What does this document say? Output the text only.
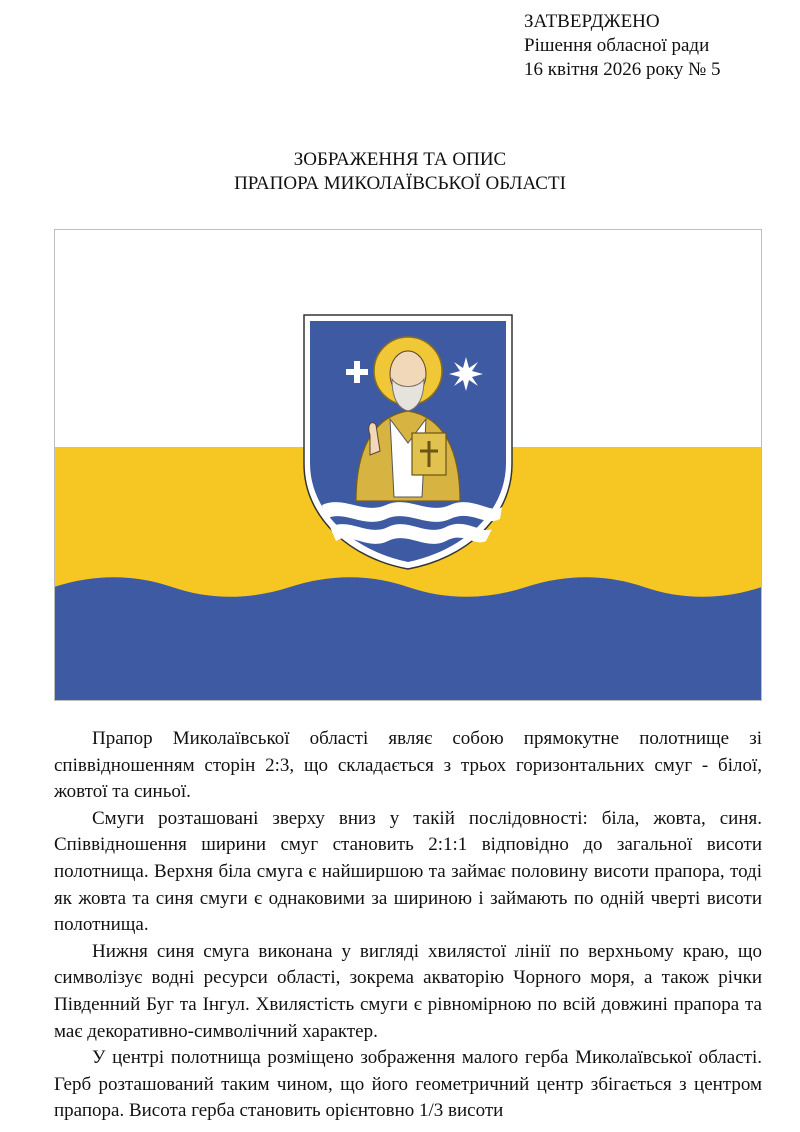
ЗАТВЕРДЖЕНО
Рішення обласної ради
16 квітня 2026 року № 5
ЗОБРАЖЕННЯ ТА ОПИС
ПРАПОРА МИКОЛАЇВСЬКОЇ ОБЛАСТІ

Прапор Миколаївської області являє собою прямокутне полотнище зі співвідношенням сторін 2:3, що складається з трьох горизонтальних смуг - білої, жовтої та синьої.

Смуги розташовані зверху вниз у такій послідовності: біла, жовта, синя. Співвідношення ширини смуг становить 2:1:1 відповідно до загальної висоти полотнища. Верхня біла смуга є найширшою та займає половину висоти прапора, тоді як жовта та синя смуги є однаковими за шириною і займають по одній чверті висоти полотнища.

Нижня синя смуга виконана у вигляді хвилястої лінії по верхньому краю, що символізує водні ресурси області, зокрема акваторію Чорного моря, а також річки Південний Буг та Інгул. Хвилястість смуги є рівномірною по всій довжині прапора та має декоративно-символічний характер.

У центрі полотнища розміщено зображення малого герба Миколаївської області. Герб розташований таким чином, що його геометричний центр збігається з центром прапора. Висота герба становить орієнтовно 1/3 висоти
